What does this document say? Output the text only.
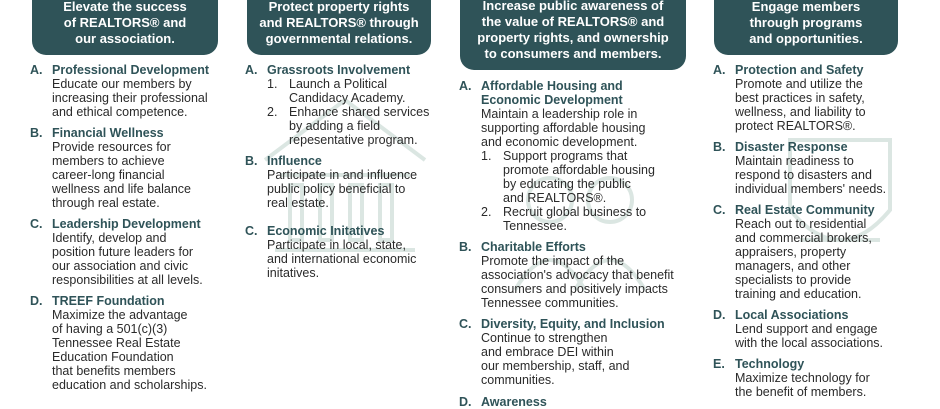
Elevate the success
of REALTORS® and
our association.
A. Professional Development
Educate our members by
increasing their professional
and ethical competence.
B. Financial Wellness
Provide resources for
members to achieve
career-long financial
wellness and life balance
through real estate.
C. Leadership Development
Identify, develop and
position future leaders for
our association and civic
responsibilities at all levels.
D. TREEF Foundation
Maximize the advantage
of having a 501(c)(3)
Tennessee Real Estate
Education Foundation
that benefits members
education and scholarships.
Protect property rights
and REALTORS® through
governmental relations.
A. Grassroots Involvement
1. Launch a Political
Candidacy Academy.
2. Enhance shared services
by adding a field
repesentative program.
B. Influence
Participate in and influence
public policy beneficial to
real estate.
C. Economic Initatives
Participate in local, state,
and international economic
initatives.
Increase public awareness of
the value of REALTORS® and
property rights, and ownership
to consumers and members.
A. Affordable Housing and
Economic Development
Maintain a leadership role in
supporting affordable housing
and economic development.
1. Support programs that
promote affordable housing
by educating the public
and REALTORS®.
2. Recruit global business to
Tennessee.
B. Charitable Efforts
Promote the impact of the
association's advocacy that benefit
consumers and positively impacts
Tennessee communities.
C. Diversity, Equity, and Inclusion
Continue to strengthen
and embrace DEI within
our membership, staff, and
communities.
D. Awareness
Engage members
through programs
and opportunities.
A. Protection and Safety
Promote and utilize the
best practices in safety,
wellness, and liability to
protect REALTORS®.
B. Disaster Response
Maintain readiness to
respond to disasters and
individual members' needs.
C. Real Estate Community
Reach out to residential
and commercial brokers,
appraisers, property
managers, and other
specialists to provide
training and education.
D. Local Associations
Lend support and engage
with the local associations.
E. Technology
Maximize technology for
the benefit of members.
